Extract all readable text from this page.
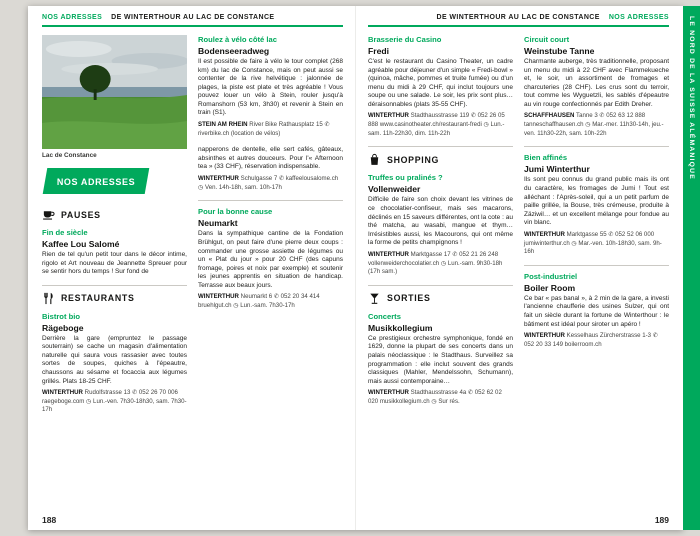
NOS ADRESSES DE WINTERTHOUR AU LAC DE CONSTANCE
Lac de Constance
NOS ADRESSES
PAUSES
Fin de siècle
Kaffee Lou Salomé

Rien de tel qu'un petit tour dans le décor intime, rigolo et Art nouveau de Jeannette Spreuer pour se sentir hors du temps ! Sur fond de

RESTAURANTS
Bistrot bio
Rägeboge

Derrière la gare (empruntez le passage souterrain) se cache un magasin d'alimentation naturelle qui saura vous rassasier avec toutes sortes de soupes, quiches à l'épeautre, chaussons au sésame et focaccia aux légumes grillés. Plats 18-25 CHF.

WINTERTHUR Rudolfstrasse 13 ✆ 052 26 70 006 raegeboge.com ◷ Lun.-ven. 7h30-18h30, sam. 7h30-17h

Roulez à vélo côté lac
Bodenseeradweg

Il est possible de faire à vélo le tour complet (268 km) du lac de Constance, mais on peut aussi se contenter de la rive helvétique : jalonnée de plages, la piste est plate et très agréable ! Vous pouvez louer un vélo à Stein, rouler jusqu'à Romanshorn (53 km, 3h30) et revenir à Stein en train (S1).

STEIN AM RHEIN River Bike Rathausplatz 15 ✆ riverbike.ch (location de vélos)

napperons de dentelle, elle sert cafés, gâteaux, absinthes et autres douceurs. Pour l'« Afternoon tea » (33 CHF), réservation indispensable.

WINTERTHUR Schulgasse 7 ✆ kaffeelousalome.ch ◷ Ven. 14h-18h, sam. 10h-17h

Pour la bonne cause
Neumarkt

Dans la sympathique cantine de la Fondation Brühlgut, on peut faire d'une pierre deux coups : commander une grosse assiette de légumes ou un « Plat du jour » pour 20 CHF (des capuns fromage, poires et noix par exemple) et soutenir les jeunes apprentis en situation de handicap. Terrasse aux beaux jours.

WINTERTHUR Neumarkt 6 ✆ 052 20 34 414 bruehlgut.ch ◷ Lun.-sam. 7h30-17h

188
DE WINTERTHOUR AU LAC DE CONSTANCE NOS ADRESSES
Brasserie du Casino
Fredi

C'est le restaurant du Casino Theater, un cadre agréable pour déjeuner d'un simple « Fredi-bowl » (quinoa, mâche, pommes et truite fumée) ou d'un menu du midi à 29 CHF, qui inclut toujours une soupe ou une salade. Le soir, les prix sont plus… déraisonnables (plats 35-55 CHF).

WINTERTHUR Stadthausstrasse 119 ✆ 052 26 05 888 www.casinotheater.ch/restaurant-fredi ◷ Lun.-sam. 11h-22h30, dim. 11h-22h

SHOPPING
Truffes ou pralinés ?
Vollenweider

Difficile de faire son choix devant les vitrines de ce chocolatier-confiseur, mais ses macarons, déclinés en 15 saveurs différentes, ont la cote : au thé matcha, au wasabi, mangue et thym… Irrésistibles aussi, les Macourons, qui ont même la forme de petits champignons !

WINTERTHUR Marktgasse 17 ✆ 052 21 26 248 vollenweiderchocolatier.ch ◷ Lun.-sam. 9h30-18h (17h sam.)

SORTIES
Concerts
Musikkollegium

Ce prestigieux orchestre symphonique, fondé en 1629, donne la plupart de ses concerts dans un palais néoclassique : le Stadthaus. Surveillez sa programmation : elle inclut souvent des grands classiques (Mahler, Mendelssohn, Schumann), mais aussi contemporaine…

WINTERTHUR Stadthausstrasse 4a ✆ 052 62 02 020 musikkollegium.ch ◷ Sur rés.

Circuit court
Weinstube Tanne

Charmante auberge, très traditionnelle, proposant un menu du midi à 22 CHF avec Flammekueche et, le soir, un assortiment de fromages et charcuteries (28 CHF). Les crus sont du terroir, tout comme les Wyguetzli, les sablés d'épeautre au vin rouge confectionnés par Edith Dreher.

SCHAFFHAUSEN Tanne 3 ✆ 052 63 12 888 tanneschaffhausen.ch ◷ Mar.-mer. 11h30-14h, jeu.-ven. 11h30-22h, sam. 10h-22h

Bien affinés
Jumi Winterthur

Ils sont peu connus du grand public mais ils ont du caractère, les fromages de Jumi ! Tout est alléchant : l'Après-soleil, qui a un petit parfum de paille grillée, la Bouse, très crémeuse, produite à Zäziwil… et un excellent mélange pour fondue au vin blanc.

WINTERTHUR Marktgasse 55 ✆ 052 52 06 000 jumiwinterthur.ch ◷ Mar.-ven. 10h-18h30, sam. 9h-16h

Post-industriel
Boiler Room

Ce bar « pas banal », à 2 min de la gare, a investi l'ancienne chaufferie des usines Sulzer, qui ont fait un siècle durant la fortune de Winterthour : le bâtiment est idéal pour siroter un apéro !

WINTERTHUR Kesselhaus Zürcherstrasse 1-3 ✆ 052 20 33 149 boilerroom.ch

189
LE NORD DE LA SUISSE ALÉMANIQUE
